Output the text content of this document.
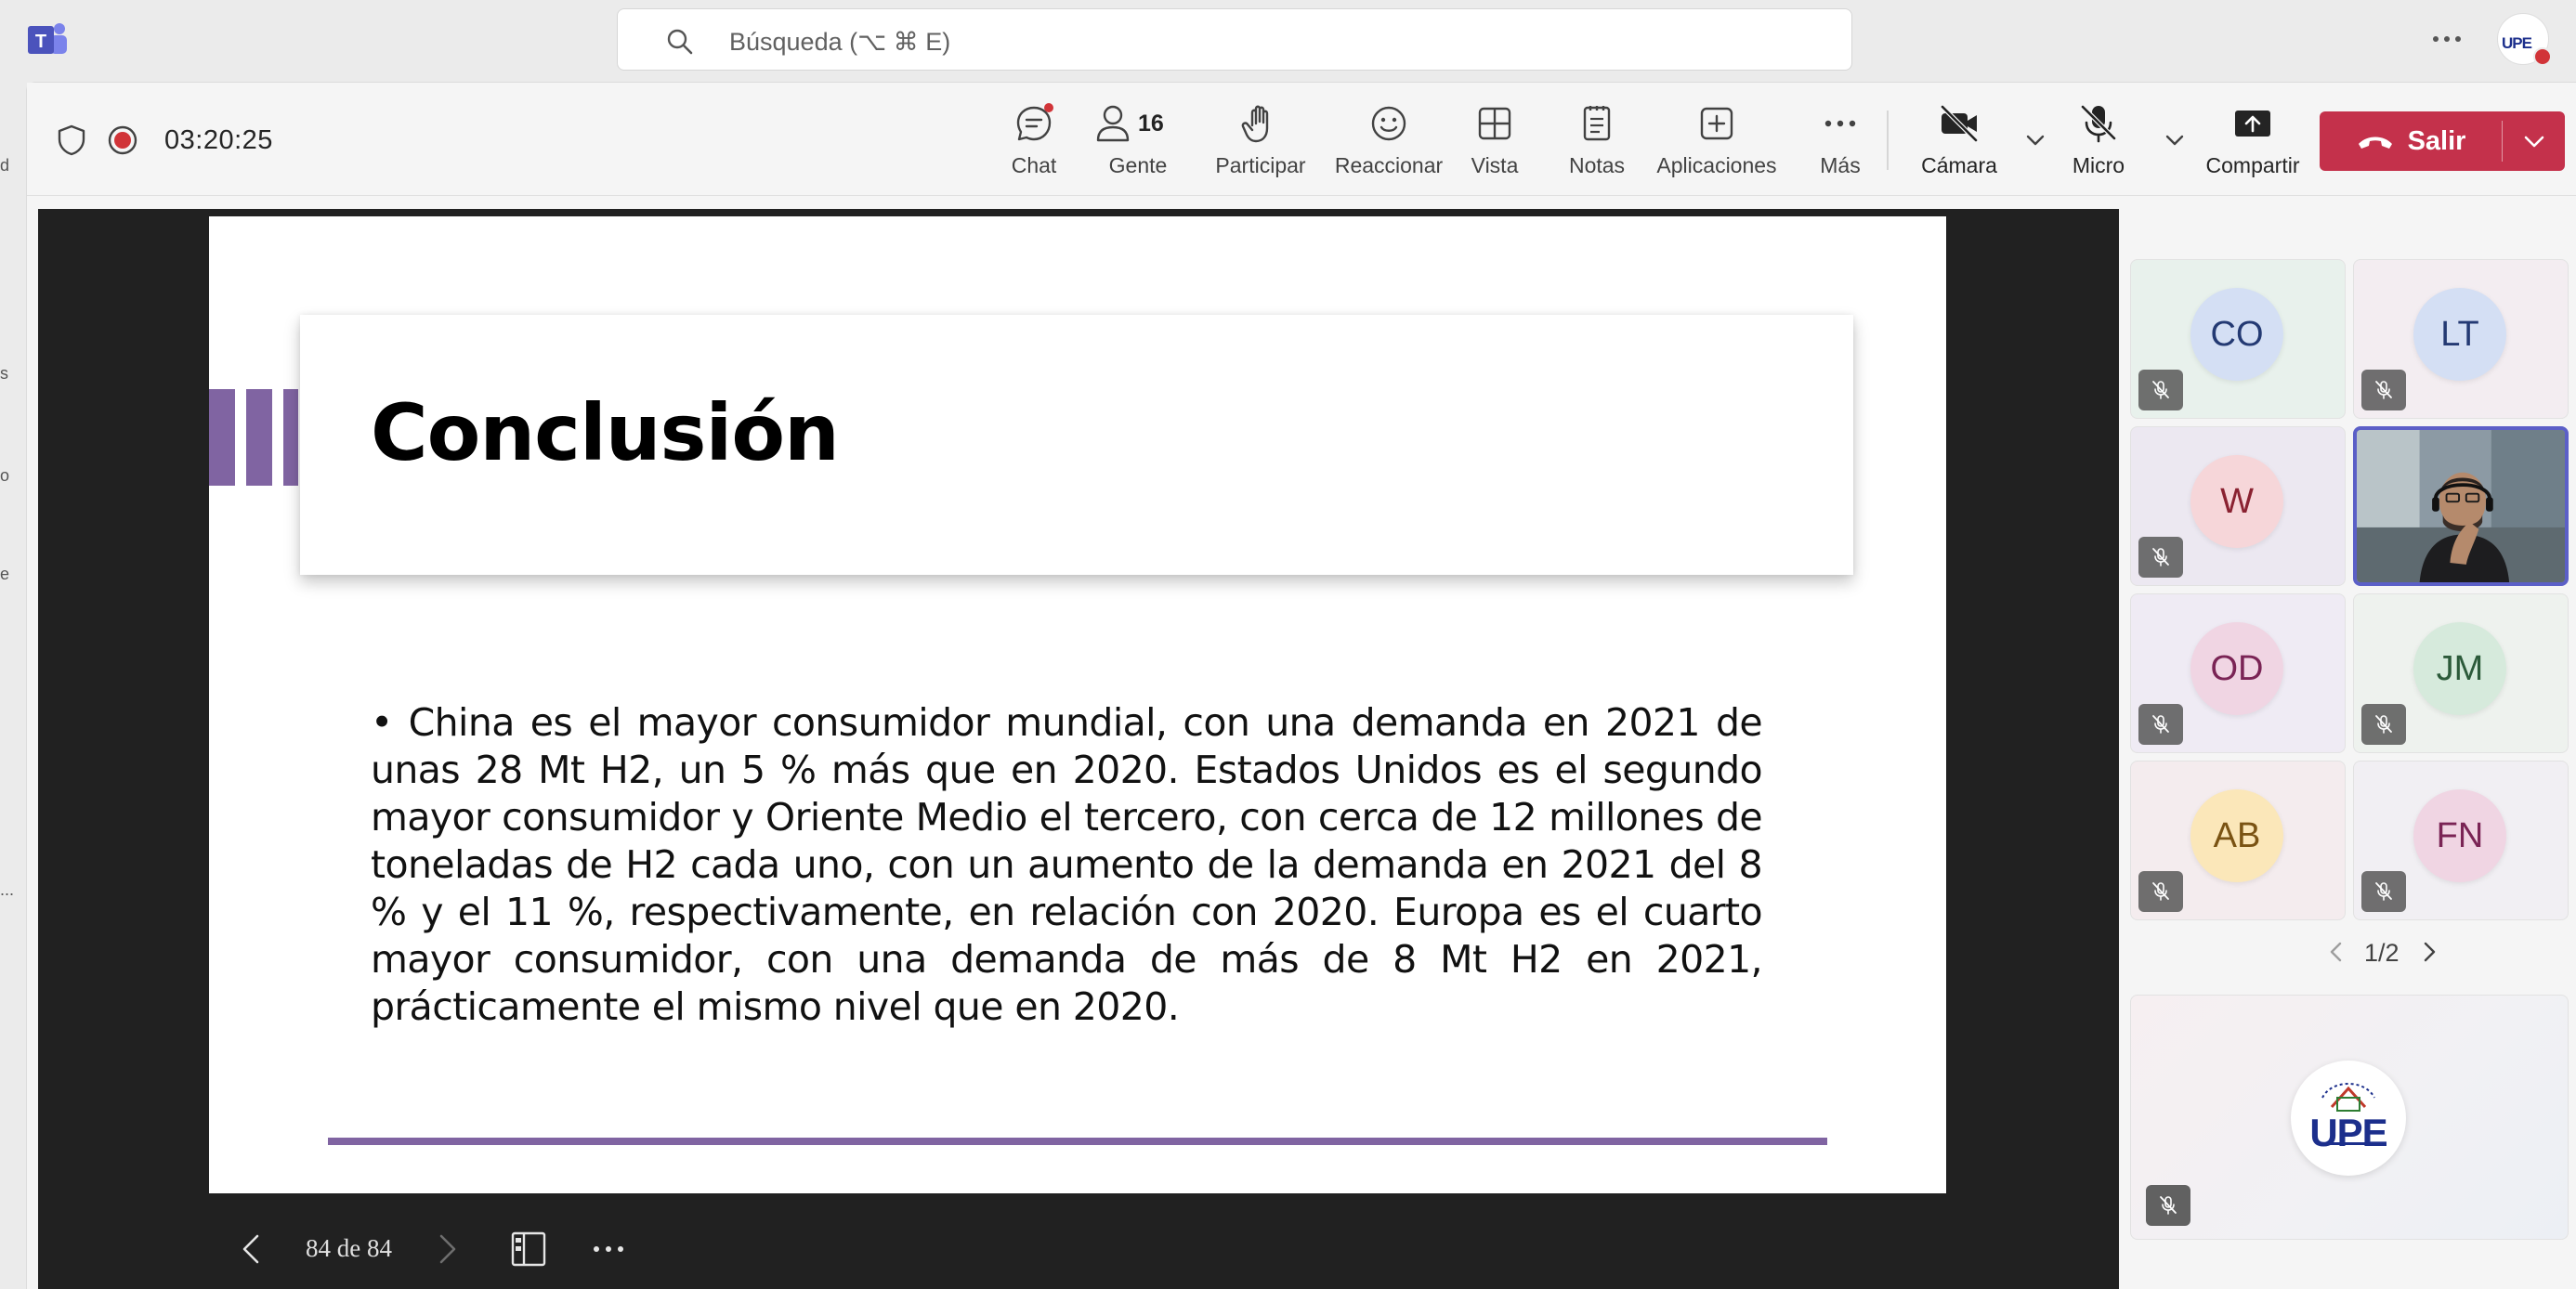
T	Búsqueda (⌥ ⌘ E)	UPE
d
s
o
e
...
03:20:25
Chat
16
Gente Participar Reaccionar Vista Notas Aplicaciones Más	Cámara	Micro	Compartir
Salir
Conclusión

• China es el mayor consumidor mundial, con una demanda en 2021 de unas 28 Mt H2, un 5 % más que en 2020. Estados Unidos es el segundo mayor consumidor y Oriente Medio el tercero, con cerca de 12 millones de toneladas de H2 cada uno, con un aumento de la demanda en 2021 del 8 % y el 11 %, respectivamente, en relación con 2020. Europa es el cuarto mayor consumidor, con una demanda de más de 8 Mt H2 en 2021, prácticamente el mismo nivel que en 2020.

84 de 84
CO	LT
W
OD	JM
AB	FN
1/2
UPE
